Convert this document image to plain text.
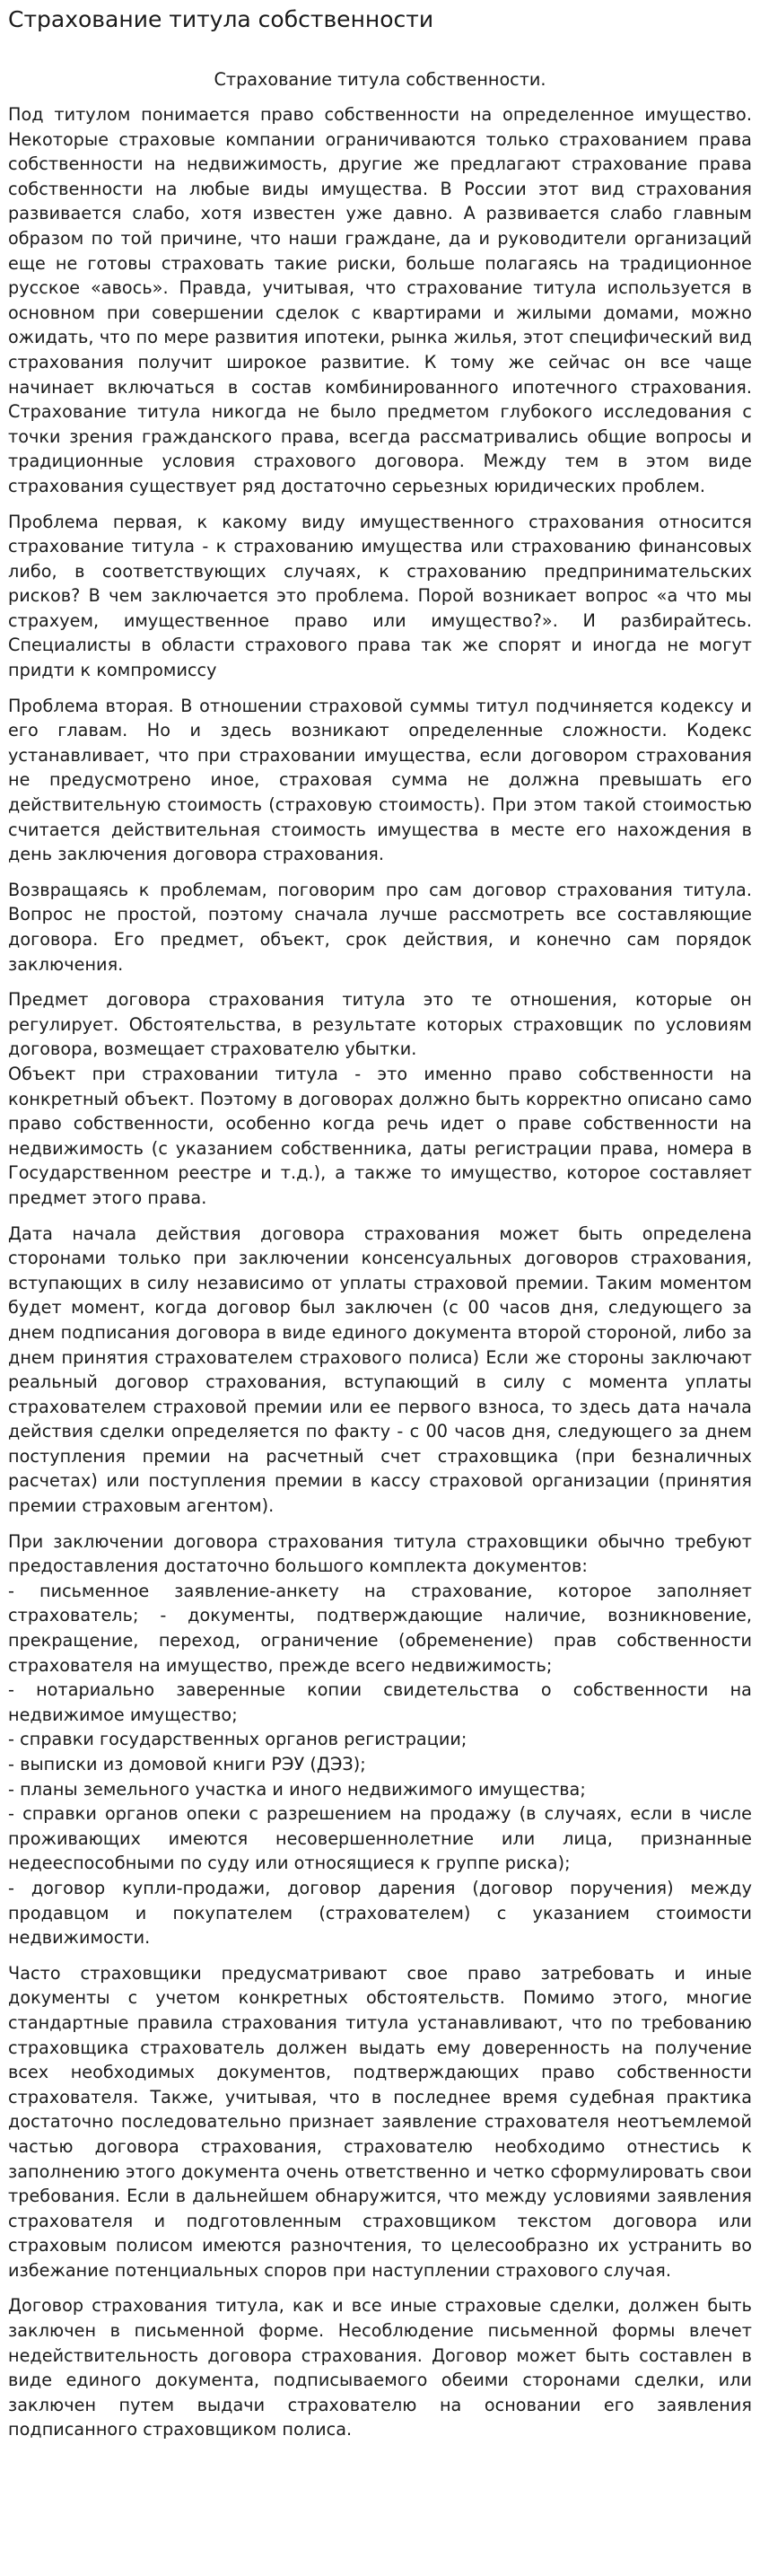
Страхование титула собственности
Страхование титула собственности.

Под титулом понимается право собственности на определенное имущество. Некоторые страховые компании ограничиваются только страхованием права собственности на недвижимость, другие же предлагают страхование права собственности на любые виды имущества. В России этот вид страхования развивается слабо, хотя известен уже давно. А развивается слабо главным образом по той причине, что наши граждане, да и руководители организаций еще не готовы страховать такие риски, больше полагаясь на традиционное русское «авось». Правда, учитывая, что страхование титула используется в основном при совершении сделок с квартирами и жилыми домами, можно ожидать, что по мере развития ипотеки, рынка жилья, этот специфический вид страхования получит широкое развитие. К тому же сейчас он все чаще начинает включаться в состав комбинированного ипотечного страхования. Страхование титула никогда не было предметом глубокого исследования с точки зрения гражданского права, всегда рассматривались общие вопросы и традиционные условия страхового договора. Между тем в этом виде страхования существует ряд достаточно серьезных юридических проблем.

Проблема первая, к какому виду имущественного страхования относится страхование титула - к страхованию имущества или страхованию финансовых либо, в соответствующих случаях, к страхованию предпринимательских рисков? В чем заключается это проблема. Порой возникает вопрос «а что мы страхуем, имущественное право или имущество?». И разбирайтесь. Специалисты в области страхового права так же спорят и иногда не могут придти к компромиссу

Проблема вторая. В отношении страховой суммы титул подчиняется кодексу и его главам. Но и здесь возникают определенные сложности. Кодекс устанавливает, что при страховании имущества, если договором страхования не предусмотрено иное, страховая сумма не должна превышать его действительную стоимость (страховую стоимость). При этом такой стоимостью считается действительная стоимость имущества в месте его нахождения в день заключения договора страхования.

Возвращаясь к проблемам, поговорим про сам договор страхования титула. Вопрос не простой, поэтому сначала лучше рассмотреть все составляющие договора. Его предмет, объект, срок действия, и конечно сам порядок заключения.

Предмет договора страхования титула это те отношения, которые он регулирует. Обстоятельства, в результате которых страховщик по условиям договора, возмещает страхователю убытки.
Объект при страховании титула - это именно право собственности на конкретный объект. Поэтому в договорах должно быть корректно описано само право собственности, особенно когда речь идет о праве собственности на недвижимость (с указанием собственника, даты регистрации права, номера в Государственном реестре и т.д.), а также то имущество, которое составляет предмет этого права.

Дата начала действия договора страхования может быть определена сторонами только при заключении консенсуальных договоров страхования, вступающих в силу независимо от уплаты страховой премии. Таким моментом будет момент, когда договор был заключен (с 00 часов дня, следующего за днем подписания договора в виде единого документа второй стороной, либо за днем принятия страхователем страхового полиса) Если же стороны заключают реальный договор страхования, вступающий в силу с момента уплаты страхователем страховой премии или ее первого взноса, то здесь дата начала действия сделки определяется по факту - с 00 часов дня, следующего за днем поступления премии на расчетный счет страховщика (при безналичных расчетах) или поступления премии в кассу страховой организации (принятия премии страховым агентом).

При заключении договора страхования титула страховщики обычно требуют предоставления достаточно большого комплекта документов:
- письменное заявление-анкету на страхование, которое заполняет страхователь; - документы, подтверждающие наличие, возникновение, прекращение, переход, ограничение (обременение) прав собственности страхователя на имущество, прежде всего недвижимость;
- нотариально заверенные копии свидетельства о собственности на недвижимое имущество;
- справки государственных органов регистрации;
- выписки из домовой книги РЭУ (ДЭЗ);
- планы земельного участка и иного недвижимого имущества;
- справки органов опеки с разрешением на продажу (в случаях, если в числе проживающих имеются несовершеннолетние или лица, признанные недееспособными по суду или относящиеся к группе риска);
- договор купли-продажи, договор дарения (договор поручения) между продавцом и покупателем (страхователем) с указанием стоимости недвижимости.

Часто страховщики предусматривают свое право затребовать и иные документы с учетом конкретных обстоятельств. Помимо этого, многие стандартные правила страхования титула устанавливают, что по требованию страховщика страхователь должен выдать ему доверенность на получение всех необходимых документов, подтверждающих право собственности страхователя. Также, учитывая, что в последнее время судебная практика достаточно последовательно признает заявление страхователя неотъемлемой частью договора страхования, страхователю необходимо отнестись к заполнению этого документа очень ответственно и четко сформулировать свои требования. Если в дальнейшем обнаружится, что между условиями заявления страхователя и подготовленным страховщиком текстом договора или страховым полисом имеются разночтения, то целесообразно их устранить во избежание потенциальных споров при наступлении страхового случая.

Договор страхования титула, как и все иные страховые сделки, должен быть заключен в письменной форме. Несоблюдение письменной формы влечет недействительность договора страхования. Договор может быть составлен в виде единого документа, подписываемого обеими сторонами сделки, или заключен путем выдачи страхователю на основании его заявления подписанного страховщиком полиса.
